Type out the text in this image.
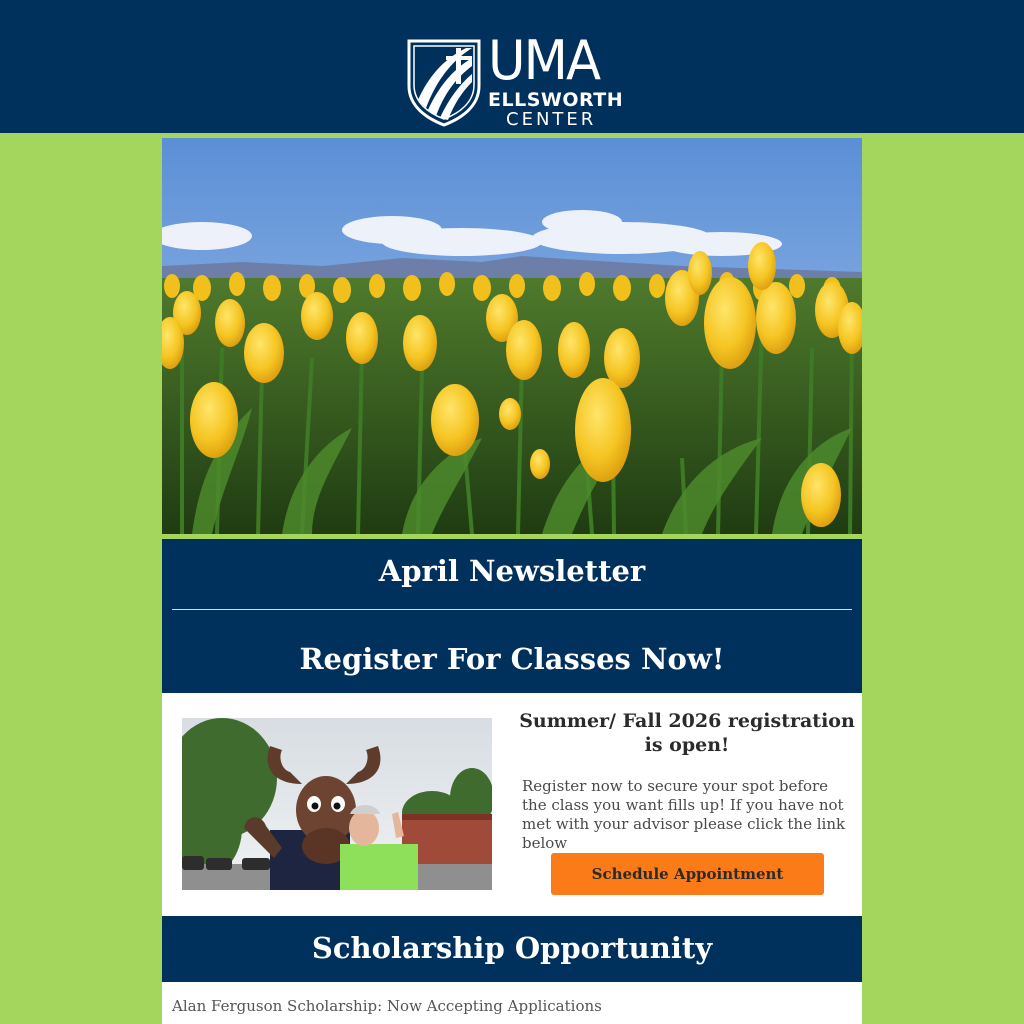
UMA
ELLSWORTH
CENTER
April Newsletter
Register For Classes Now!
Summer/ Fall 2026 registration is open!
Register now to secure your spot before the class you want fills up! If you have not met with your advisor please click the link below
Schedule Appointment
Scholarship Opportunity
Alan Ferguson Scholarship: Now Accepting Applications
